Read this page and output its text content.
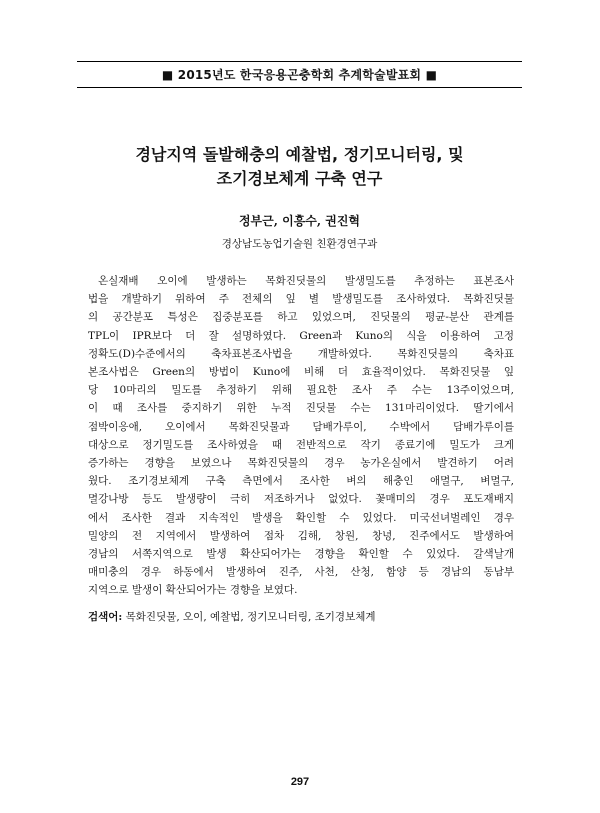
■ 2015년도 한국응용곤충학회 추계학술발표회 ■
경남지역 돌발해충의 예찰법, 정기모니터링, 및
조기경보체계 구축 연구
정부근, 이흥수, 권진혁
경상남도농업기술원 친환경연구과
온실재배 오이에 발생하는 목화진딧물의 발생밀도를 추정하는 표본조사
법을 개발하기 위하여 주 전체의 잎 별 발생밀도를 조사하였다. 목화진딧물
의 공간분포 특성은 집중분포를 하고 있었으며, 진딧물의 평균-분산 관계를
TPL이 IPR보다 더 잘 설명하였다. Green과 Kuno의 식을 이용하여 고정
정확도(D)수준에서의 축차표본조사법을 개발하였다. 목화진딧물의 축차표
본조사법은 Green의 방법이 Kuno에 비해 더 효율적이었다. 목화진딧물 잎
당 10마리의 밀도를 추정하기 위해 필요한 조사 주 수는 13주이었으며,
이 때 조사를 중지하기 위한 누적 진딧물 수는 131마리이었다. 딸기에서
점박이응애, 오이에서 목화진딧물과 담배가루이, 수박에서 담배가루이를
대상으로 정기밀도를 조사하였을 때 전반적으로 작기 종료기에 밀도가 크게
증가하는 경향을 보였으나 목화진딧물의 경우 농가온실에서 발견하기 어려
웠다. 조기경보체계 구축 측면에서 조사한 벼의 해충인 애멸구, 벼멸구,
멸강나방 등도 발생량이 극히 저조하거나 없었다. 꽃매미의 경우 포도재배지
에서 조사한 결과 지속적인 발생을 확인할 수 있었다. 미국선녀벌레인 경우
밀양의 전 지역에서 발생하여 점차 김해, 창원, 창녕, 진주에서도 발생하여
경남의 서쪽지역으로 발생 확산되어가는 경향을 확인할 수 있었다. 갈색날개
매미충의 경우 하동에서 발생하여 진주, 사천, 산청, 함양 등 경남의 동남부
지역으로 발생이 확산되어가는 경향을 보였다.
검색어: 목화진딧물, 오이, 예찰법, 정기모니터링, 조기경보체계
297
